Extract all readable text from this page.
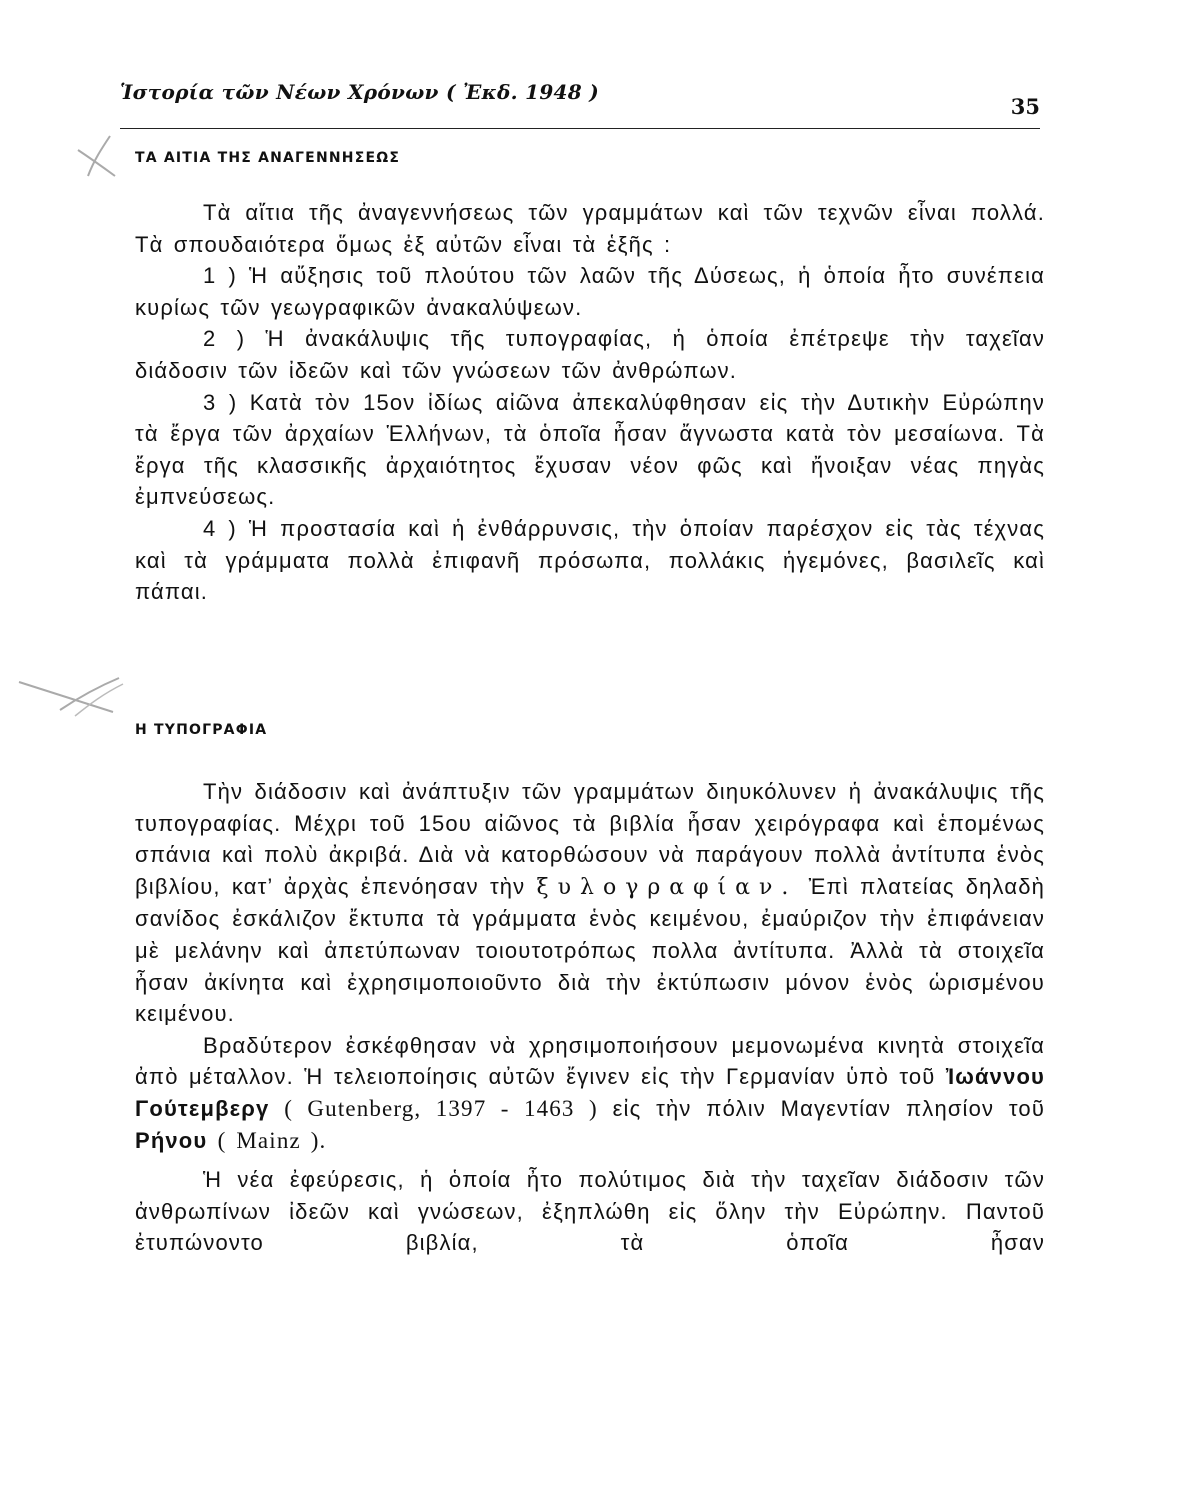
Ἱστορία τῶν Νέων Χρόνων ( Ἐκδ. 1948 )
35
ΤΑ ΑΙΤΙΑ ΤΗΣ ΑΝΑΓΕΝΝΗΣΕΩΣ

Τὰ αἴτια τῆς ἀναγεννήσεως τῶν γραμμάτων καὶ τῶν τεχνῶν εἶναι πολλά. Τὰ σπουδαιότερα ὅμως ἐξ αὐτῶν εἶναι τὰ ἑξῆς :

1 ) Ἡ αὔξησις τοῦ πλούτου τῶν λαῶν τῆς Δύσεως, ἡ ὁποία ἦτο συνέπεια κυρίως τῶν γεωγραφικῶν ἀνακαλύψεων.

2 ) Ἡ ἀνακάλυψις τῆς τυπογραφίας, ἡ ὁποία ἐπέτρεψε τὴν ταχεῖαν διάδοσιν τῶν ἰδεῶν καὶ τῶν γνώσεων τῶν ἀνθρώπων.

3 ) Κατὰ τὸν 15ον ἰδίως αἰῶνα ἀπεκαλύφθησαν εἰς τὴν Δυτικὴν Εὐρώπην τὰ ἔργα τῶν ἀρχαίων Ἑλλήνων, τὰ ὁποῖα ἦσαν ἄγνωστα κατὰ τὸν μεσαίωνα. Τὰ ἔργα τῆς κλασσικῆς ἀρχαιότητος ἔχυσαν νέον φῶς καὶ ἤνοιξαν νέας πηγὰς ἐμπνεύσεως.

4 ) Ἡ προστασία καὶ ἡ ἐνθάρρυνσις, τὴν ὁποίαν παρέσχον εἰς τὰς τέχνας καὶ τὰ γράμματα πολλὰ ἐπιφανῆ πρόσωπα, πολλάκις ἡγεμόνες, βασιλεῖς καὶ πάπαι.

Η ΤΥΠΟΓΡΑΦΙΑ

Τὴν διάδοσιν καὶ ἀνάπτυξιν τῶν γραμμάτων διηυκόλυνεν ἡ ἀνακάλυψις τῆς τυπογραφίας. Μέχρι τοῦ 15ου αἰῶνος τὰ βιβλία ἦσαν χειρόγραφα καὶ ἑπομένως σπάνια καὶ πολὺ ἀκριβά. Διὰ νὰ κατορθώσουν νὰ παράγουν πολλὰ ἀντίτυπα ἑνὸς βιβλίου, κατ’ ἀρχὰς ἐπενόησαν τὴν ξυλογραφίαν. Ἐπὶ πλατείας δηλαδὴ σανίδος ἐσκάλιζον ἔκτυπα τὰ γράμματα ἑνὸς κειμένου, ἐμαύριζον τὴν ἐπιφάνειαν μὲ μελάνην καὶ ἀπετύπωναν τοιουτοτρόπως πολλα ἀντίτυπα. Ἀλλὰ τὰ στοιχεῖα ἦσαν ἀκίνητα καὶ ἐχρησιμοποιοῦντο διὰ τὴν ἐκτύπωσιν μόνον ἑνὸς ὡρισμένου κειμένου.

Βραδύτερον ἐσκέφθησαν νὰ χρησιμοποιήσουν μεμονωμένα κινητὰ στοιχεῖα ἀπὸ μέταλλον. Ἡ τελειοποίησις αὐτῶν ἔγινεν εἰς τὴν Γερμανίαν ὑπὸ τοῦ Ἰωάννου Γούτεμβεργ ( Gutenberg, 1397 - 1463 ) εἰς τὴν πόλιν Μαγεντίαν πλησίον τοῦ Ρήνου ( Mainz ).

Ἡ νέα ἐφεύρεσις, ἡ ὁποία ἦτο πολύτιμος διὰ τὴν ταχεῖαν διάδοσιν τῶν ἀνθρωπίνων ἰδεῶν καὶ γνώσεων, ἐξηπλώθη εἰς ὅλην τὴν Εὐρώπην. Παντοῦ ἐτυπώνοντο βιβλία, τὰ ὁποῖα ἦσαν
